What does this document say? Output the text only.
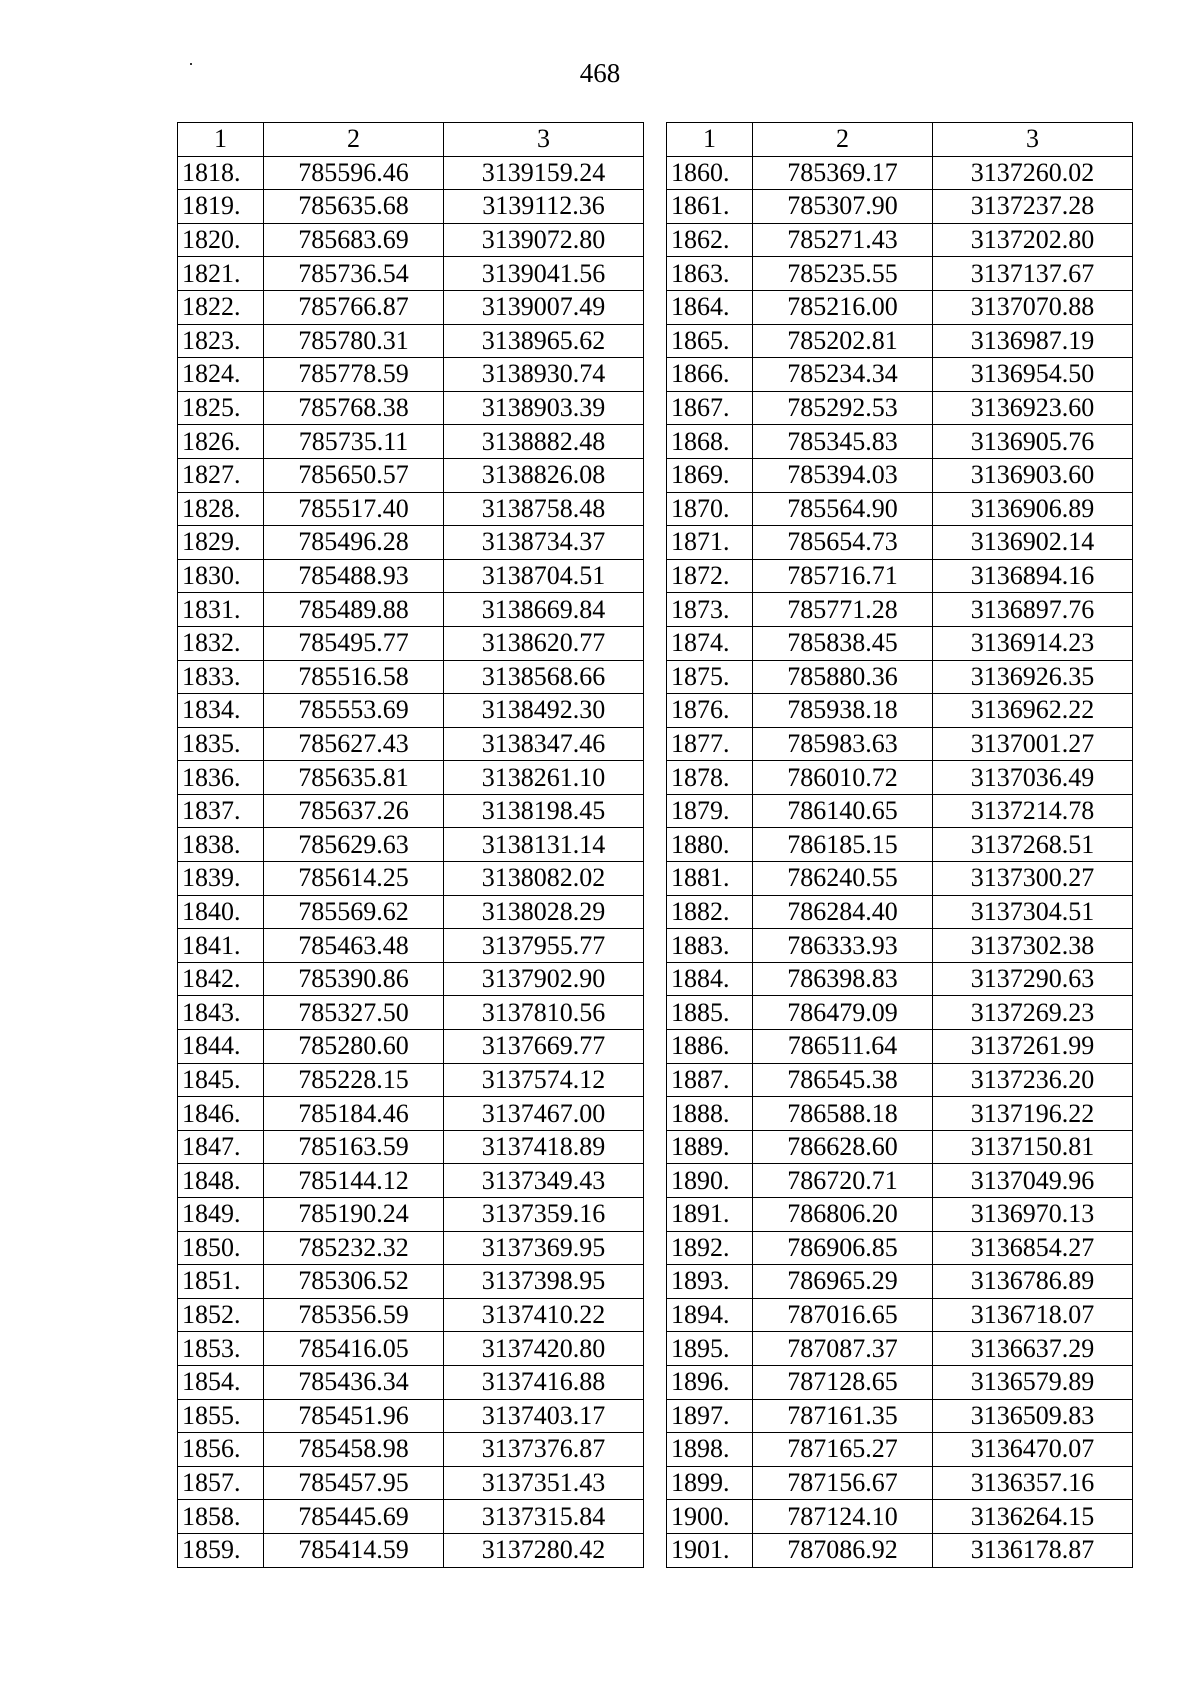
468
1	2	3
1818.	785596.46	3139159.24
1819.	785635.68	3139112.36
1820.	785683.69	3139072.80
1821.	785736.54	3139041.56
1822.	785766.87	3139007.49
1823.	785780.31	3138965.62
1824.	785778.59	3138930.74
1825.	785768.38	3138903.39
1826.	785735.11	3138882.48
1827.	785650.57	3138826.08
1828.	785517.40	3138758.48
1829.	785496.28	3138734.37
1830.	785488.93	3138704.51
1831.	785489.88	3138669.84
1832.	785495.77	3138620.77
1833.	785516.58	3138568.66
1834.	785553.69	3138492.30
1835.	785627.43	3138347.46
1836.	785635.81	3138261.10
1837.	785637.26	3138198.45
1838.	785629.63	3138131.14
1839.	785614.25	3138082.02
1840.	785569.62	3138028.29
1841.	785463.48	3137955.77
1842.	785390.86	3137902.90
1843.	785327.50	3137810.56
1844.	785280.60	3137669.77
1845.	785228.15	3137574.12
1846.	785184.46	3137467.00
1847.	785163.59	3137418.89
1848.	785144.12	3137349.43
1849.	785190.24	3137359.16
1850.	785232.32	3137369.95
1851.	785306.52	3137398.95
1852.	785356.59	3137410.22
1853.	785416.05	3137420.80
1854.	785436.34	3137416.88
1855.	785451.96	3137403.17
1856.	785458.98	3137376.87
1857.	785457.95	3137351.43
1858.	785445.69	3137315.84
1859.	785414.59	3137280.42
1	2	3
1860.	785369.17	3137260.02
1861.	785307.90	3137237.28
1862.	785271.43	3137202.80
1863.	785235.55	3137137.67
1864.	785216.00	3137070.88
1865.	785202.81	3136987.19
1866.	785234.34	3136954.50
1867.	785292.53	3136923.60
1868.	785345.83	3136905.76
1869.	785394.03	3136903.60
1870.	785564.90	3136906.89
1871.	785654.73	3136902.14
1872.	785716.71	3136894.16
1873.	785771.28	3136897.76
1874.	785838.45	3136914.23
1875.	785880.36	3136926.35
1876.	785938.18	3136962.22
1877.	785983.63	3137001.27
1878.	786010.72	3137036.49
1879.	786140.65	3137214.78
1880.	786185.15	3137268.51
1881.	786240.55	3137300.27
1882.	786284.40	3137304.51
1883.	786333.93	3137302.38
1884.	786398.83	3137290.63
1885.	786479.09	3137269.23
1886.	786511.64	3137261.99
1887.	786545.38	3137236.20
1888.	786588.18	3137196.22
1889.	786628.60	3137150.81
1890.	786720.71	3137049.96
1891.	786806.20	3136970.13
1892.	786906.85	3136854.27
1893.	786965.29	3136786.89
1894.	787016.65	3136718.07
1895.	787087.37	3136637.29
1896.	787128.65	3136579.89
1897.	787161.35	3136509.83
1898.	787165.27	3136470.07
1899.	787156.67	3136357.16
1900.	787124.10	3136264.15
1901.	787086.92	3136178.87
